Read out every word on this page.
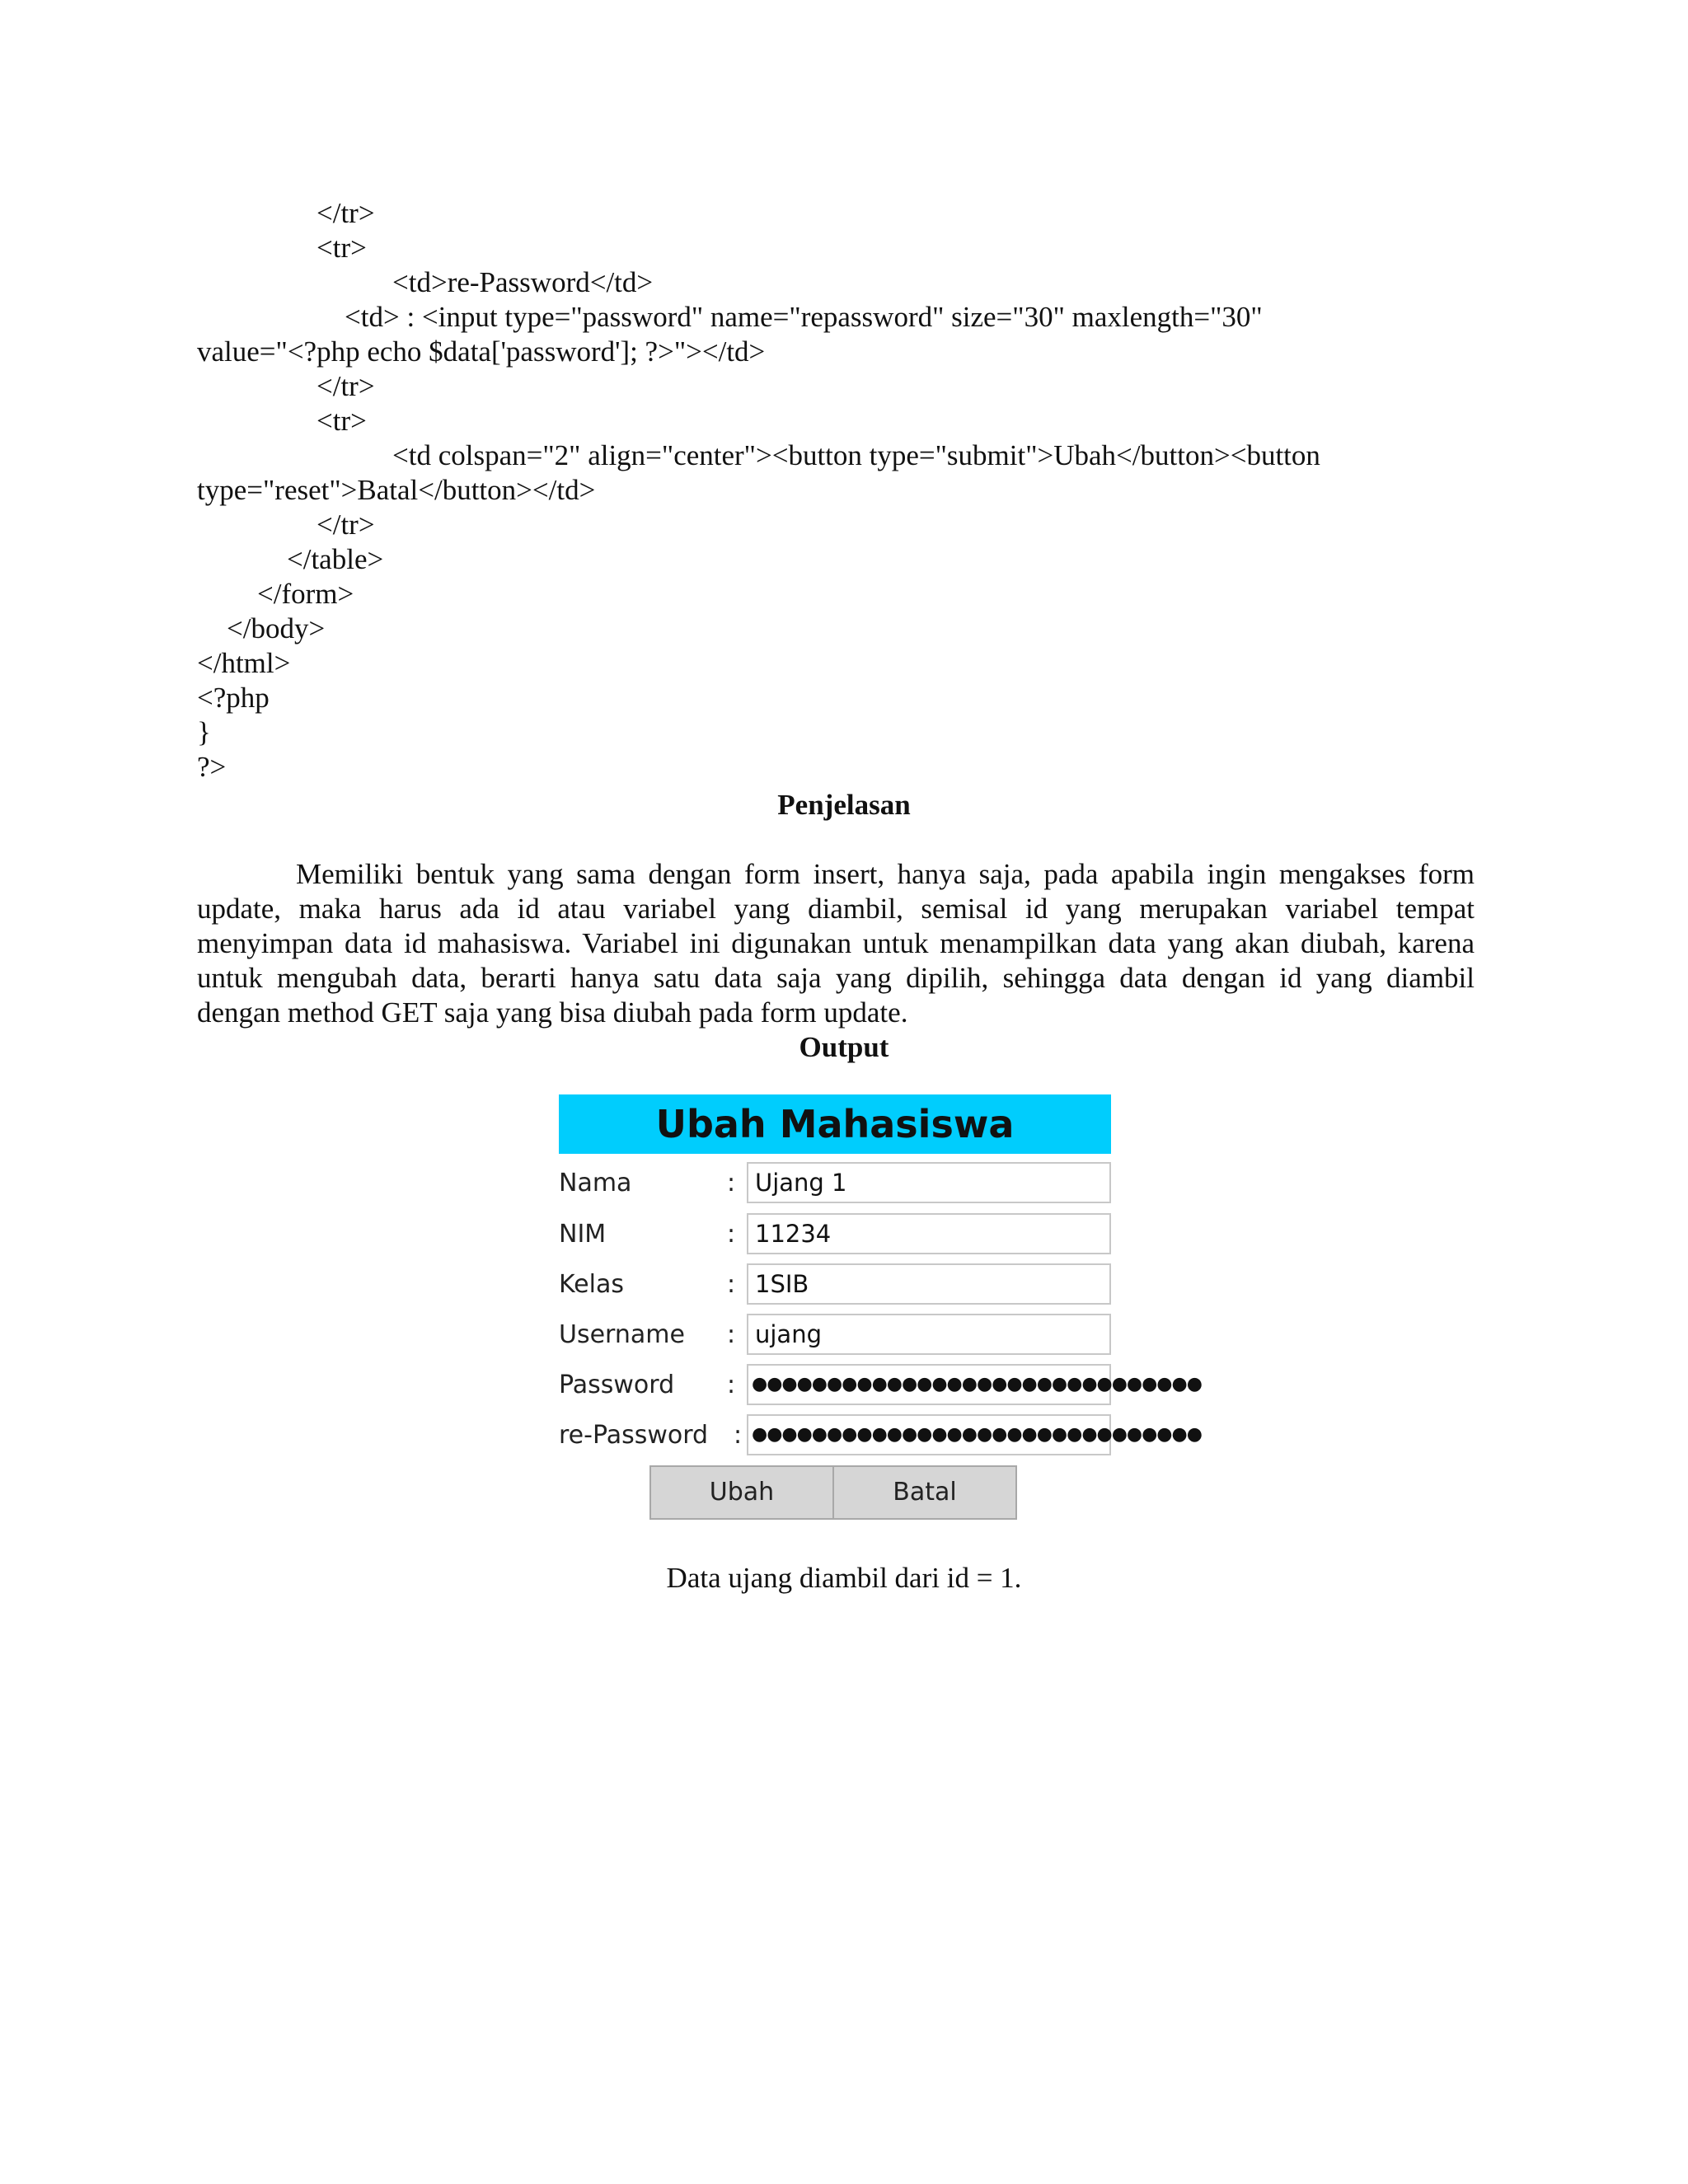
</tr>
<tr>
<td>re-Password</td>
<td> : <input type="password" name="repassword" size="30" maxlength="30"
value="<?php echo $data['password']; ?>"></td>
</tr>
<tr>
<td colspan="2" align="center"><button type="submit">Ubah</button><button
type="reset">Batal</button></td>
</tr>
</table>
</form>
</body>
</html>
<?php
}
?>
Penjelasan
Memiliki bentuk yang sama dengan form insert, hanya saja, pada apabila ingin mengakses form
update, maka harus ada id atau variabel yang diambil, semisal id yang merupakan variabel tempat
menyimpan data id mahasiswa. Variabel ini digunakan untuk menampilkan data yang akan diubah, karena
untuk mengubah data, berarti hanya satu data saja yang dipilih, sehingga data dengan id yang diambil
dengan method GET saja yang bisa diubah pada form update.
Output
Ubah Mahasiswa
Nama	: Ujang 1
NIM	: 11234
Kelas	: 1SIB
Username : ujang
Password : ●●●●●●●●●●●●●●●●●●●●●●●●●●●●●●
re-Password : ●●●●●●●●●●●●●●●●●●●●●●●●●●●●●●
Ubah	Batal
Data ujang diambil dari id = 1.
